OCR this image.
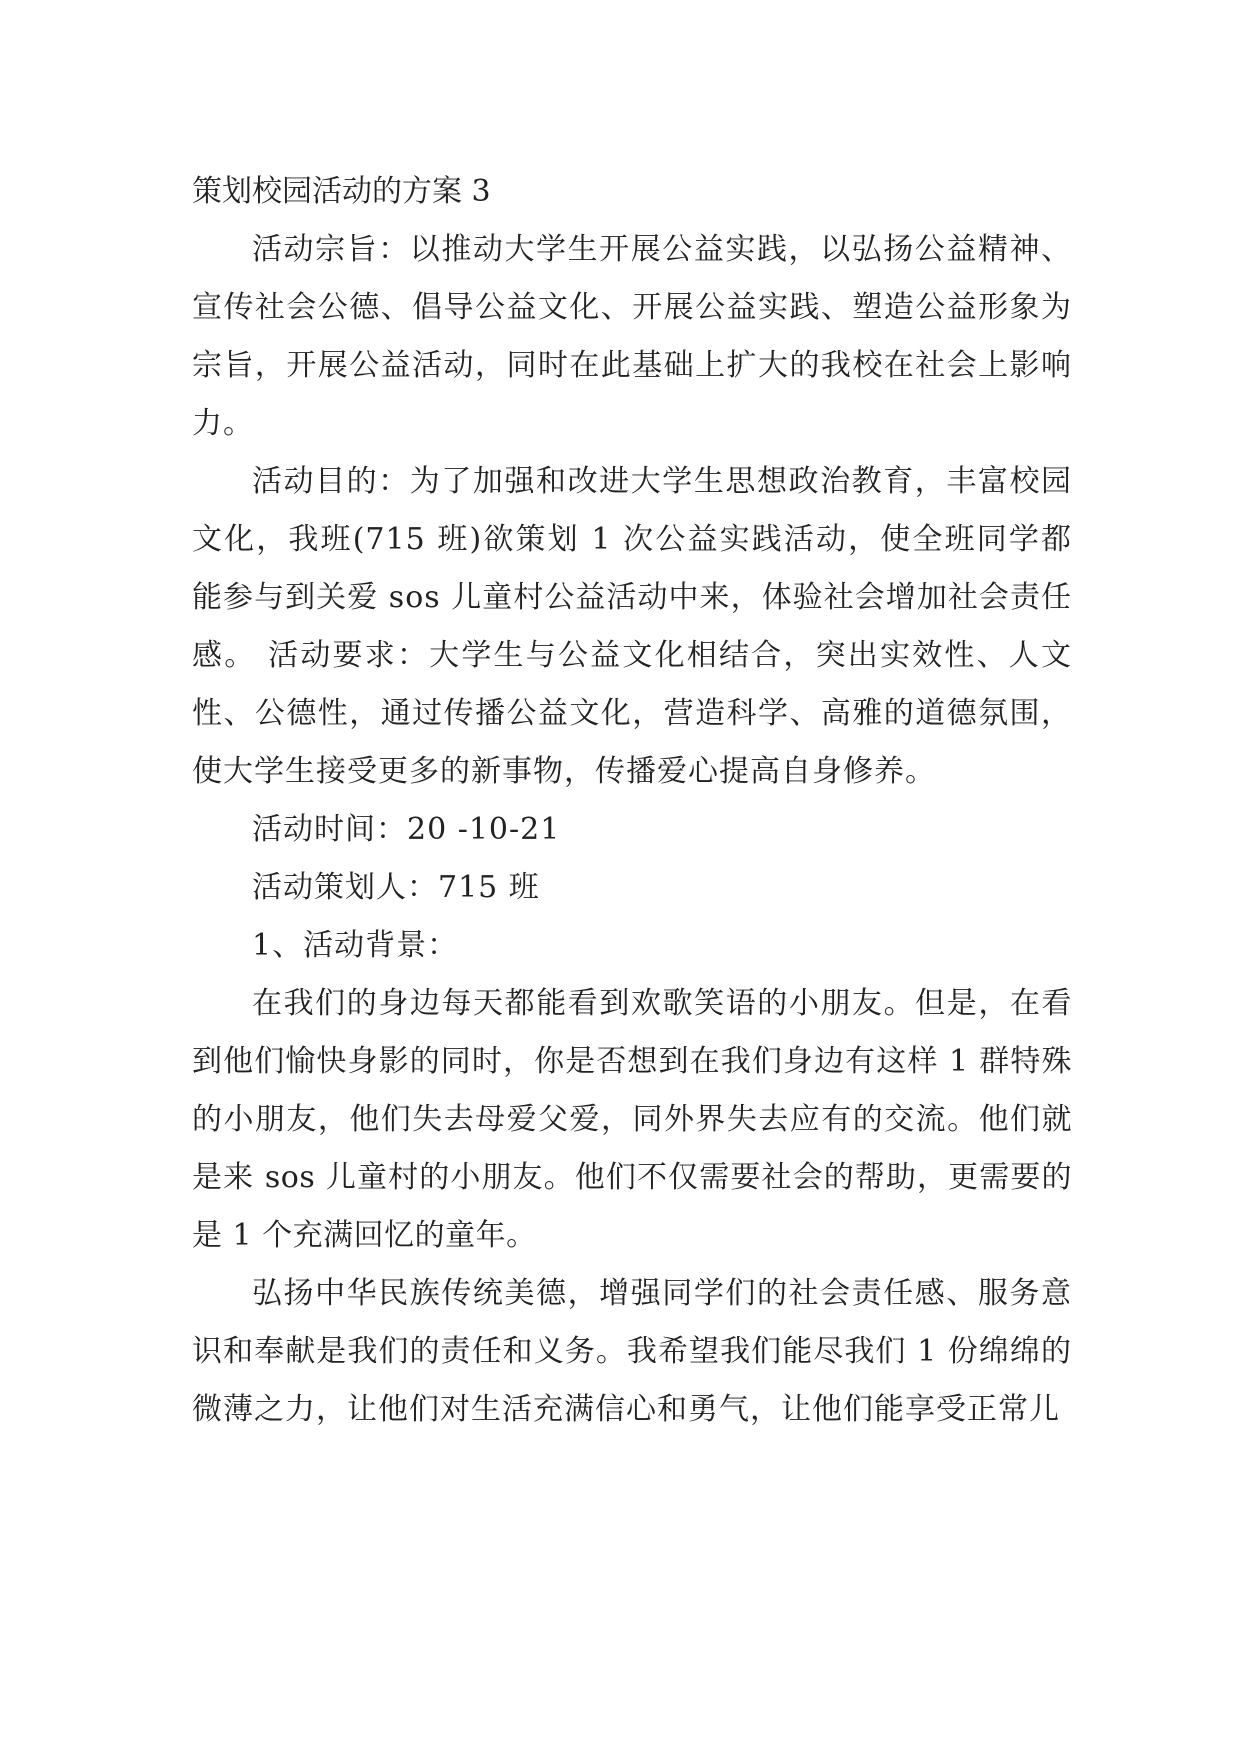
策划校园活动的方案 3

活动宗旨：以推动大学生开展公益实践，以弘扬公益精神、宣传社会公德、倡导公益文化、开展公益实践、塑造公益形象为宗旨，开展公益活动，同时在此基础上扩大的我校在社会上影响力。

活动目的：为了加强和改进大学生思想政治教育，丰富校园文化，我班(715 班)欲策划 1 次公益实践活动，使全班同学都能参与到关爱 sos 儿童村公益活动中来，体验社会增加社会责任感。 活动要求：大学生与公益文化相结合，突出实效性、人文性、公德性，通过传播公益文化，营造科学、高雅的道德氛围，使大学生接受更多的新事物，传播爱心提高自身修养。

活动时间：20 -10-21

活动策划人：715 班

1、活动背景：

在我们的身边每天都能看到欢歌笑语的小朋友。但是，在看到他们愉快身影的同时，你是否想到在我们身边有这样 1 群特殊的小朋友，他们失去母爱父爱，同外界失去应有的交流。他们就是来 sos 儿童村的小朋友。他们不仅需要社会的帮助，更需要的是 1 个充满回忆的童年。

弘扬中华民族传统美德，增强同学们的社会责任感、服务意识和奉献是我们的责任和义务。我希望我们能尽我们 1 份绵绵的微薄之力，让他们对生活充满信心和勇气，让他们能享受正常儿
